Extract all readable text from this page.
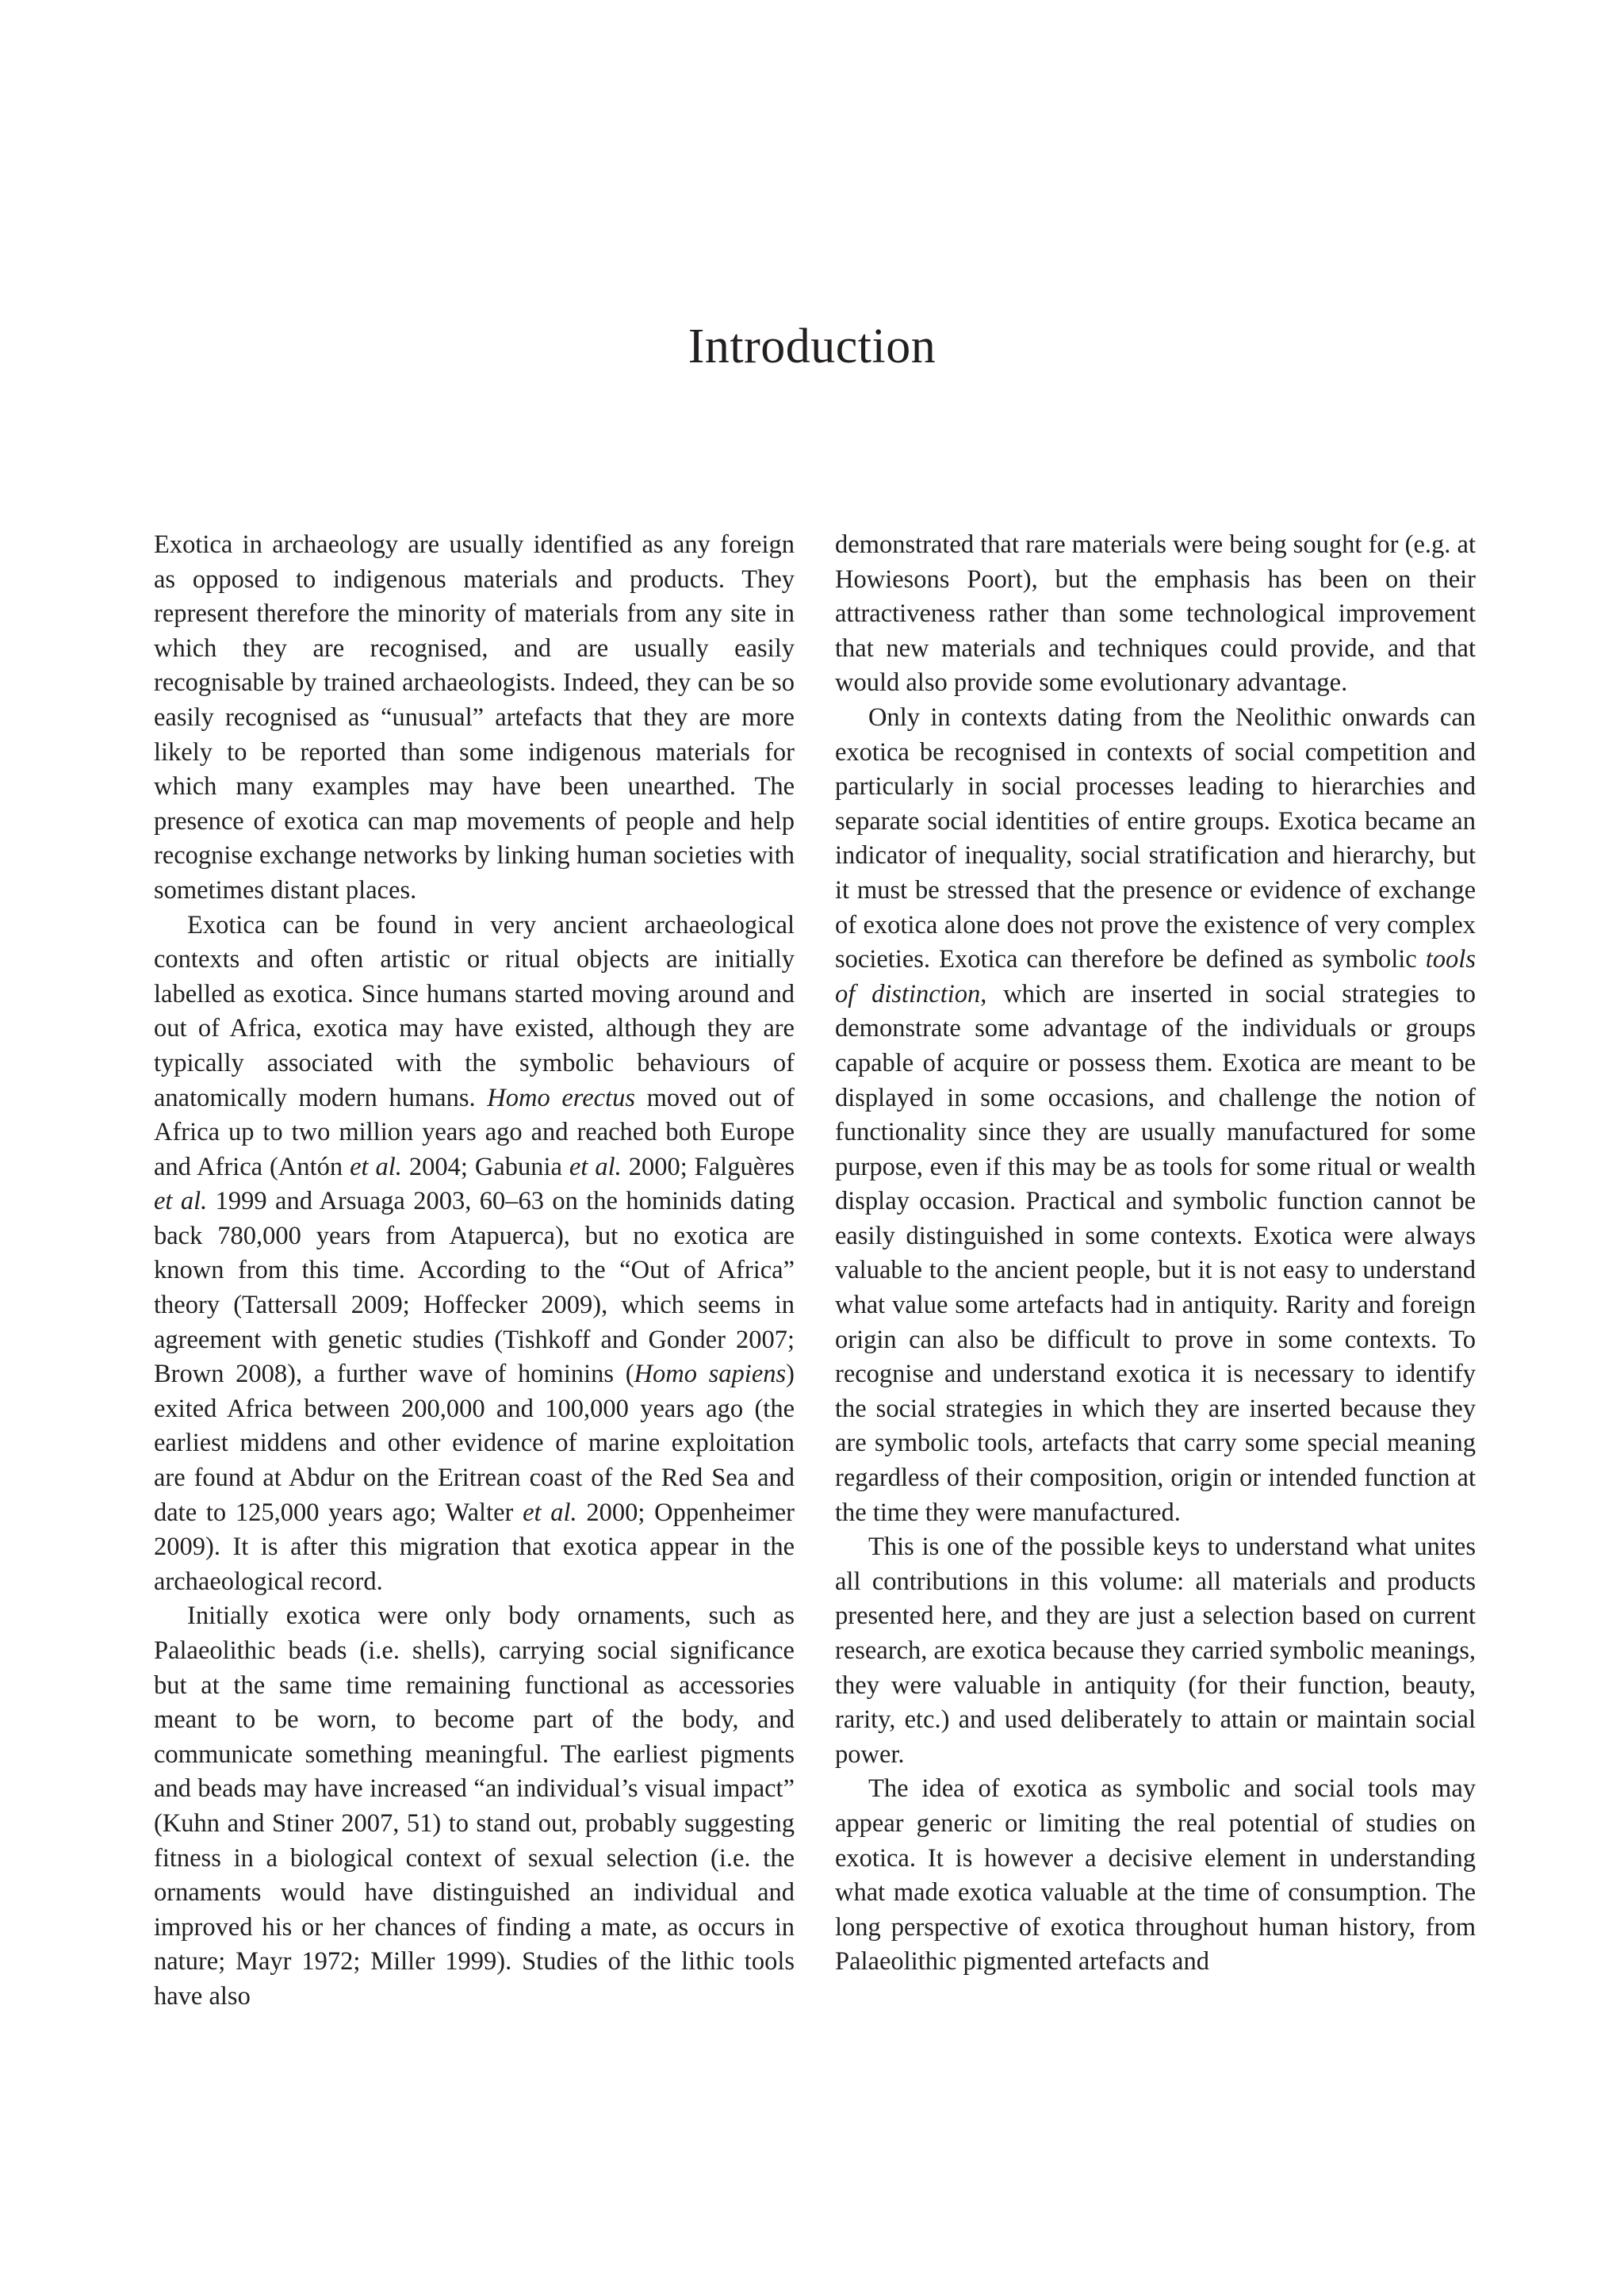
Introduction

Exotica in archaeology are usually identified as any foreign as opposed to indigenous materials and products. They represent therefore the minority of materials from any site in which they are recognised, and are usually easily recognisable by trained archaeologists. Indeed, they can be so easily recognised as “unusual” artefacts that they are more likely to be reported than some indigenous materials for which many examples may have been unearthed. The presence of exotica can map movements of people and help recognise exchange networks by linking human societies with sometimes distant places.

Exotica can be found in very ancient archaeological contexts and often artistic or ritual objects are initially labelled as exotica. Since humans started moving around and out of Africa, exotica may have existed, although they are typically associated with the symbolic behaviours of anatomically modern humans. Homo erectus moved out of Africa up to two million years ago and reached both Europe and Africa (Antón et al. 2004; Gabunia et al. 2000; Falguères et al. 1999 and Arsuaga 2003, 60–63 on the hominids dating back 780,000 years from Atapuerca), but no exotica are known from this time. According to the “Out of Africa” theory (Tattersall 2009; Hoffecker 2009), which seems in agreement with genetic studies (Tishkoff and Gonder 2007; Brown 2008), a further wave of hominins (Homo sapiens) exited Africa between 200,000 and 100,000 years ago (the earliest middens and other evidence of marine exploitation are found at Abdur on the Eritrean coast of the Red Sea and date to 125,000 years ago; Walter et al. 2000; Oppenheimer 2009). It is after this migration that exotica appear in the archaeological record.

Initially exotica were only body ornaments, such as Palaeolithic beads (i.e. shells), carrying social significance but at the same time remaining functional as accessories meant to be worn, to become part of the body, and communicate something meaningful. The earliest pigments and beads may have increased “an individual’s visual impact” (Kuhn and Stiner 2007, 51) to stand out, probably suggesting fitness in a biological context of sexual selection (i.e. the ornaments would have distinguished an individual and improved his or her chances of finding a mate, as occurs in nature; Mayr 1972; Miller 1999). Studies of the lithic tools have also

demonstrated that rare materials were being sought for (e.g. at Howiesons Poort), but the emphasis has been on their attractiveness rather than some technological improvement that new materials and techniques could provide, and that would also provide some evolutionary advantage.

Only in contexts dating from the Neolithic onwards can exotica be recognised in contexts of social competition and particularly in social processes leading to hierarchies and separate social identities of entire groups. Exotica became an indicator of inequality, social stratification and hierarchy, but it must be stressed that the presence or evidence of exchange of exotica alone does not prove the existence of very complex societies. Exotica can therefore be defined as symbolic tools of distinction, which are inserted in social strategies to demonstrate some advantage of the individuals or groups capable of acquire or possess them. Exotica are meant to be displayed in some occasions, and challenge the notion of functionality since they are usually manufactured for some purpose, even if this may be as tools for some ritual or wealth display occasion. Practical and symbolic function cannot be easily distinguished in some contexts. Exotica were always valuable to the ancient people, but it is not easy to understand what value some artefacts had in antiquity. Rarity and foreign origin can also be difficult to prove in some contexts. To recognise and understand exotica it is necessary to identify the social strategies in which they are inserted because they are symbolic tools, artefacts that carry some special meaning regardless of their composition, origin or intended function at the time they were manufactured.

This is one of the possible keys to understand what unites all contributions in this volume: all materials and products presented here, and they are just a selection based on current research, are exotica because they carried symbolic meanings, they were valuable in antiquity (for their function, beauty, rarity, etc.) and used deliberately to attain or maintain social power.

The idea of exotica as symbolic and social tools may appear generic or limiting the real potential of studies on exotica. It is however a decisive element in understanding what made exotica valuable at the time of consumption. The long perspective of exotica throughout human history, from Palaeolithic pigmented artefacts and
